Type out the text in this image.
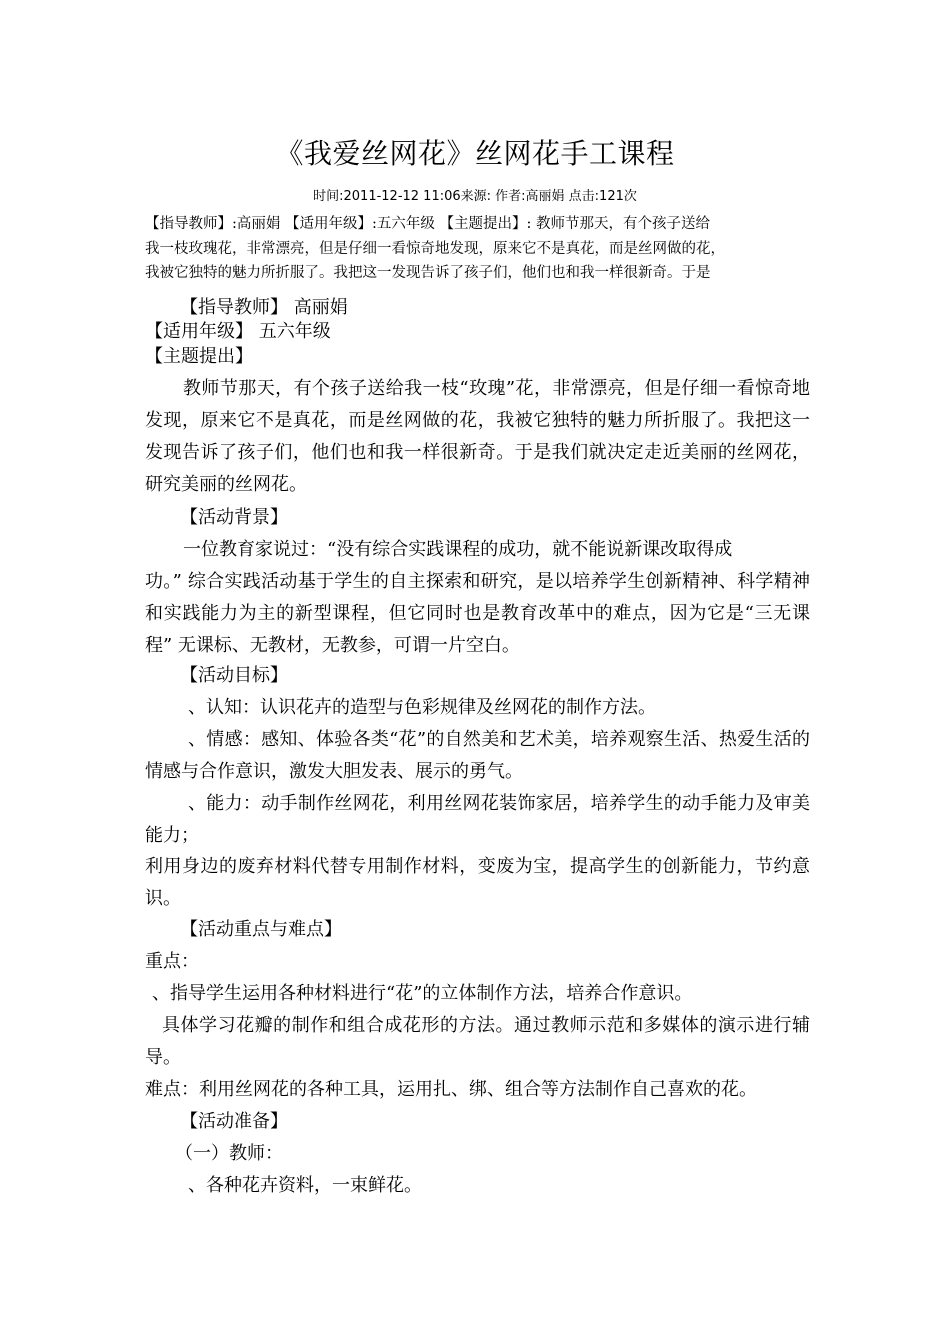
《我爱丝网花》丝网花手工课程
时间:2011-12-12 11:06来源: 作者:高丽娟 点击:121次

【指导教师】:高丽娟 【适用年级】:五六年级 【主题提出】: 教师节那天，有个孩子送给

我一枝玫瑰花，非常漂亮，但是仔细一看惊奇地发现，原来它不是真花，而是丝网做的花，

我被它独特的魅力所折服了。我把这一发现告诉了孩子们，他们也和我一样很新奇。于是

【指导教师】 高丽娟
【适用年级】 五六年级
【主题提出】
教师节那天，有个孩子送给我一枝“玫瑰”花，非常漂亮，但是仔细一看惊奇地发现，原来它不是真花，而是丝网做的花，我被它独特的魅力所折服了。我把这一发现告诉了孩子们，他们也和我一样很新奇。于是我们就决定走近美丽的丝网花，研究美丽的丝网花。
【活动背景】
一位教育家说过：“没有综合实践课程的成功，就不能说新课改取得成
功。” 综合实践活动基于学生的自主探索和研究，是以培养学生创新精神、科学精神和实践能力为主的新型课程，但它同时也是教育改革中的难点，因为它是“三无课程” 无课标、无教材，无教参，可谓一片空白。
【活动目标】
、认知：认识花卉的造型与色彩规律及丝网花的制作方法。
、情感：感知、体验各类“花”的自然美和艺术美，培养观察生活、热爱生活的情感与合作意识，激发大胆发表、展示的勇气。
、能力：动手制作丝网花，利用丝网花装饰家居，培养学生的动手能力及审美能力；
利用身边的废弃材料代替专用制作材料，变废为宝，提高学生的创新能力，节约意识。
【活动重点与难点】
重点：
、指导学生运用各种材料进行“花”的立体制作方法，培养合作意识。
具体学习花瓣的制作和组合成花形的方法。通过教师示范和多媒体的演示进行辅导。
难点：利用丝网花的各种工具，运用扎、绑、组合等方法制作自己喜欢的花。
【活动准备】
（一）教师：
、各种花卉资料，一束鲜花。
